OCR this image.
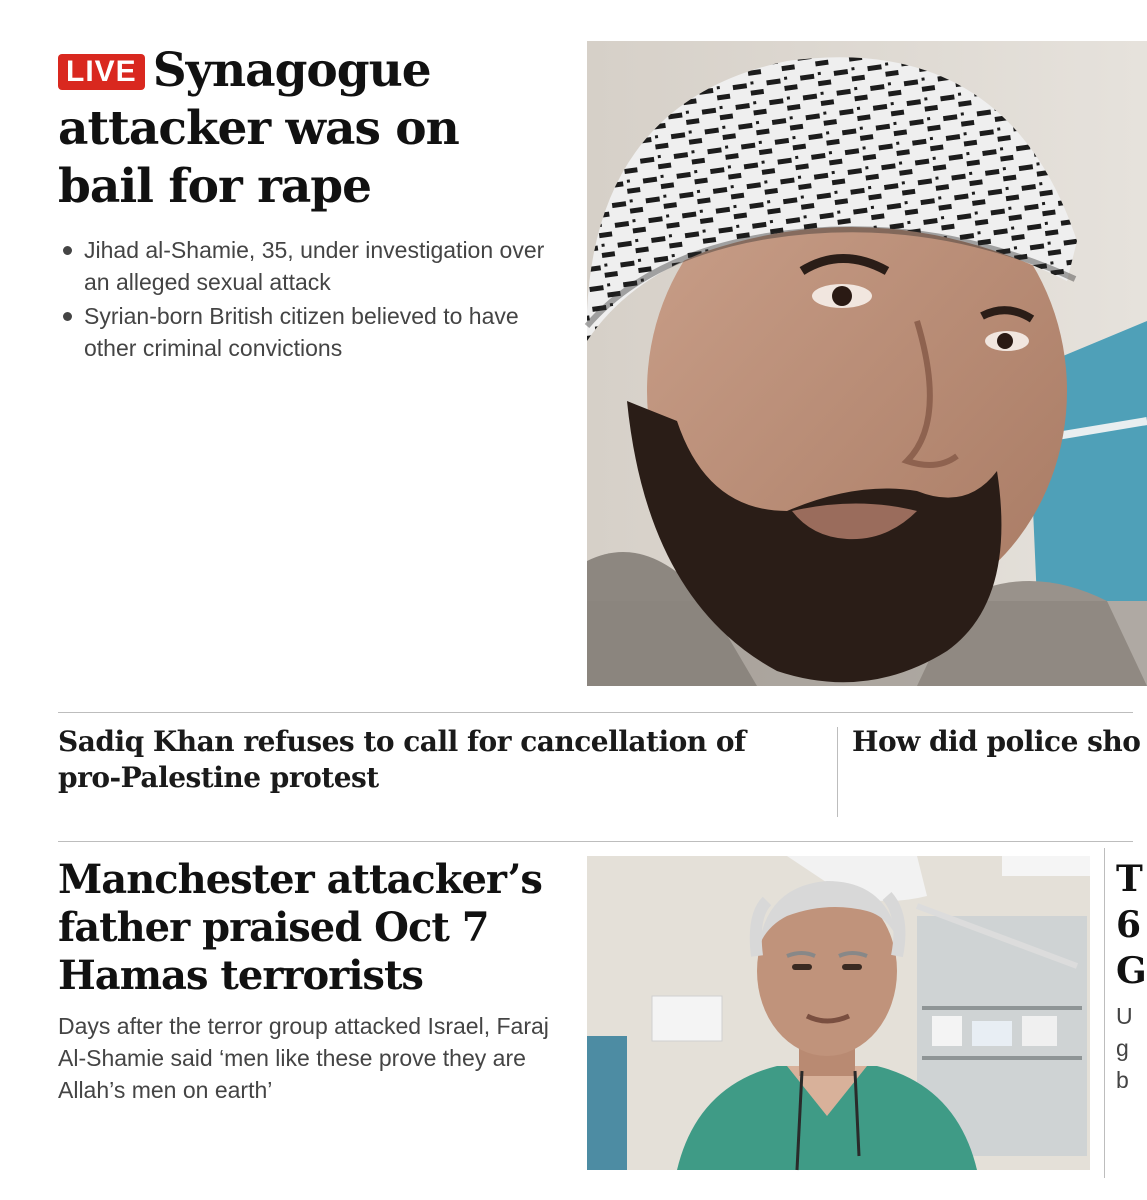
LIVE Synagogue attacker was on bail for rape
Jihad al-Shamie, 35, under investigation over an alleged sexual attack
Syrian-born British citizen believed to have other criminal convictions
Sadiq Khan refuses to call for cancellation of pro-Palestine protest
How did police sho
Manchester attacker’s father praised Oct 7 Hamas terrorists

Days after the terror group attacked Israel, Faraj Al-Shamie said ‘men like these prove they are Allah’s men on earth’

T
6
G
U
g
b
